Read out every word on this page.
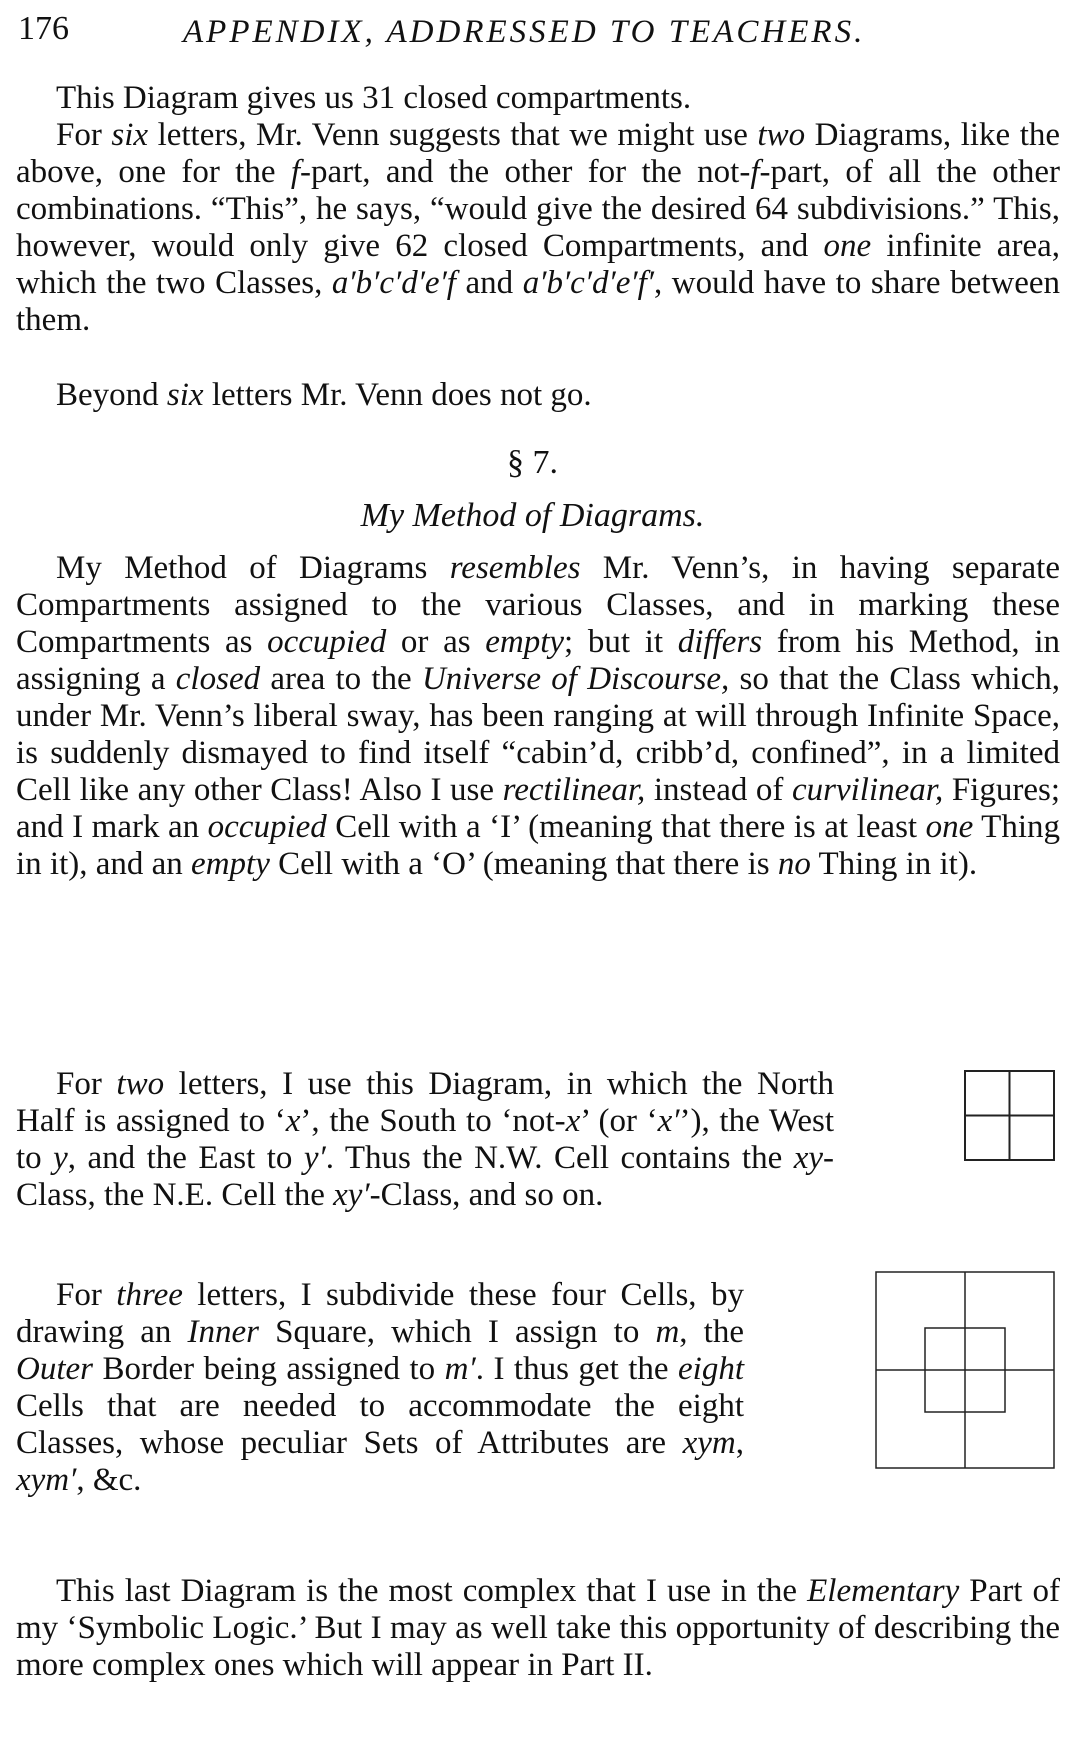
176	APPENDIX, ADDRESSED TO TEACHERS.

This Diagram gives us 31 closed compartments.

For six letters, Mr. Venn suggests that we might use two Diagrams, like the above, one for the f-part, and the other for the not-f-part, of all the other combinations. “This”, he says, “would give the desired 64 subdivisions.” This, however, would only give 62 closed Compartments, and one infinite area, which the two Classes, a′b′c′d′e′f and a′b′c′d′e′f′, would have to share between them.

Beyond six letters Mr. Venn does not go.

§ 7.

My Method of Diagrams.

My Method of Diagrams resembles Mr. Venn’s, in having separate Compartments assigned to the various Classes, and in marking these Compartments as occupied or as empty; but it differs from his Method, in assigning a closed area to the Universe of Discourse, so that the Class which, under Mr. Venn’s liberal sway, has been ranging at will through Infinite Space, is suddenly dismayed to find itself “cabin’d, cribb’d, confined”, in a limited Cell like any other Class! Also I use rectilinear, instead of curvilinear, Figures; and I mark an occupied Cell with a ‘I’ (meaning that there is at least one Thing in it), and an empty Cell with a ‘O’ (meaning that there is no Thing in it).

For two letters, I use this Diagram, in which the North Half is assigned to ‘x’, the South to ‘not-x’ (or ‘x′’), the West to y, and the East to y′. Thus the N.W. Cell contains the xy-Class, the N.E. Cell the xy′-Class, and so on.

For three letters, I subdivide these four Cells, by drawing an Inner Square, which I assign to m, the Outer Border being assigned to m′. I thus get the eight Cells that are needed to accommodate the eight Classes, whose peculiar Sets of Attributes are xym, xym′, &c.

This last Diagram is the most complex that I use in the Elementary Part of my ‘Symbolic Logic.’ But I may as well take this opportunity of describing the more complex ones which will appear in Part II.
